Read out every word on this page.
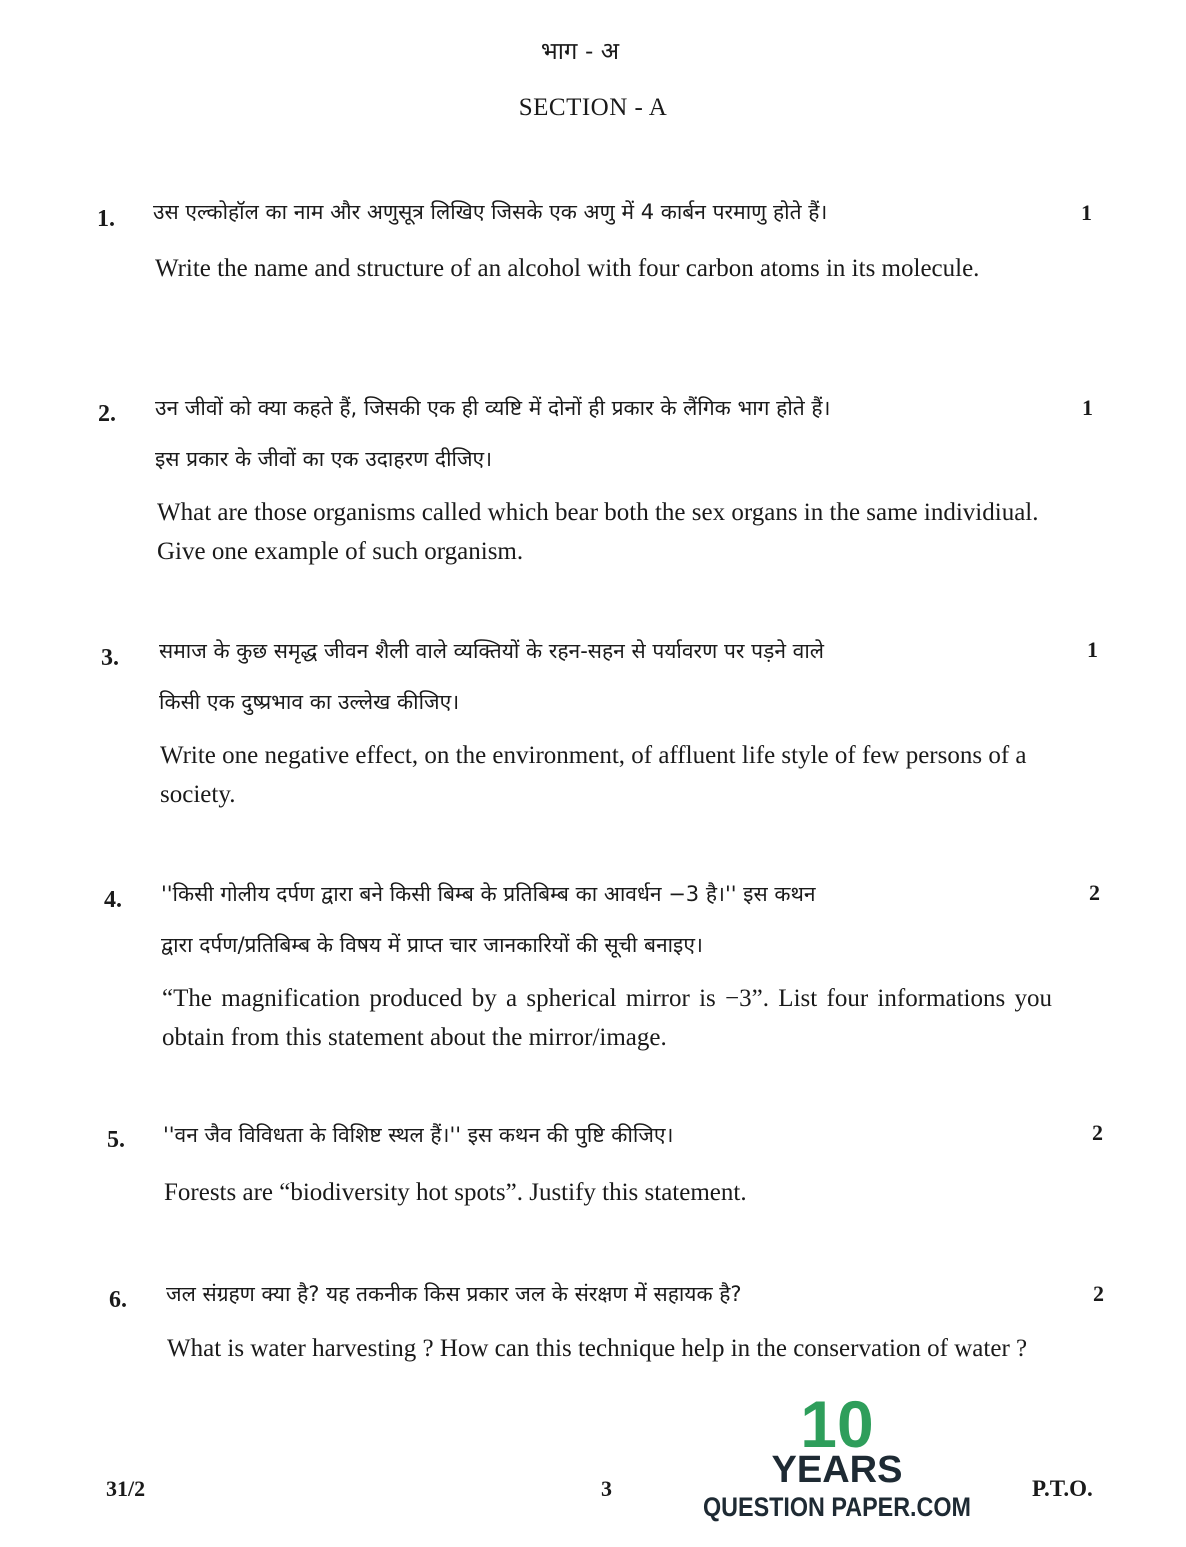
भाग - अ
SECTION - A
1. उस एल्कोहॉल का नाम और अणुसूत्र लिखिए जिसके एक अणु में 4 कार्बन परमाणु होते हैं।	1
Write the name and structure of an alcohol with four carbon atoms in its molecule.
2. उन जीवों को क्या कहते हैं, जिसकी एक ही व्यष्टि में दोनों ही प्रकार के लैंगिक भाग होते हैं।
इस प्रकार के जीवों का एक उदाहरण दीजिए।
1
What are those organisms called which bear both the sex organs in the same individiual. Give one example of such organism.
3. समाज के कुछ समृद्ध जीवन शैली वाले व्यक्तियों के रहन-सहन से पर्यावरण पर पड़ने वाले
किसी एक दुष्प्रभाव का उल्लेख कीजिए।
1
Write one negative effect, on the environment, of affluent life style of few persons of a society.
4. ''किसी गोलीय दर्पण द्वारा बने किसी बिम्ब के प्रतिबिम्ब का आवर्धन −3 है।'' इस कथन
द्वारा दर्पण/प्रतिबिम्ब के विषय में प्राप्त चार जानकारियों की सूची बनाइए।
2
“The magnification produced by a spherical mirror is −3”. List four informations you obtain from this statement about the mirror/image.
5. ''वन जैव विविधता के विशिष्ट स्थल हैं।'' इस कथन की पुष्टि कीजिए।	2
Forests are “biodiversity hot spots”. Justify this statement.
6. जल संग्रहण क्या है? यह तकनीक किस प्रकार जल के संरक्षण में सहायक है?	2
What is water harvesting ? How can this technique help in the conservation of water ?
31/2	3	P.T.O.
10
YEARS
QUESTION PAPER.COM
